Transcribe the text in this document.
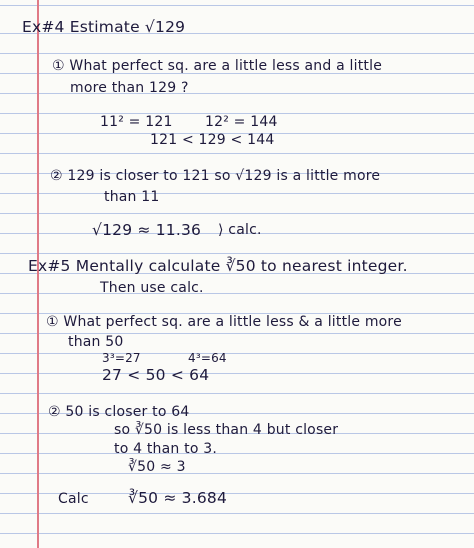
Ex#4 Estimate √129
① What perfect sq. are a little less and a little
more than 129 ?
11² = 121 12² = 144
121 < 129 < 144
② 129 is closer to 121 so √129 is a little more
than 11
√129 ≈ 11.36 ⟩ calc.
Ex#5 Mentally calculate ∛50 to nearest integer.
Then use calc.
① What perfect sq. are a little less & a little more
than 50
3³=27	4³=64
27 < 50 < 64
② 50 is closer to 64
so ∛50 is less than 4 but closer
to 4 than to 3.
∛50 ≈ 3
Calc	∛50 ≈ 3.684
